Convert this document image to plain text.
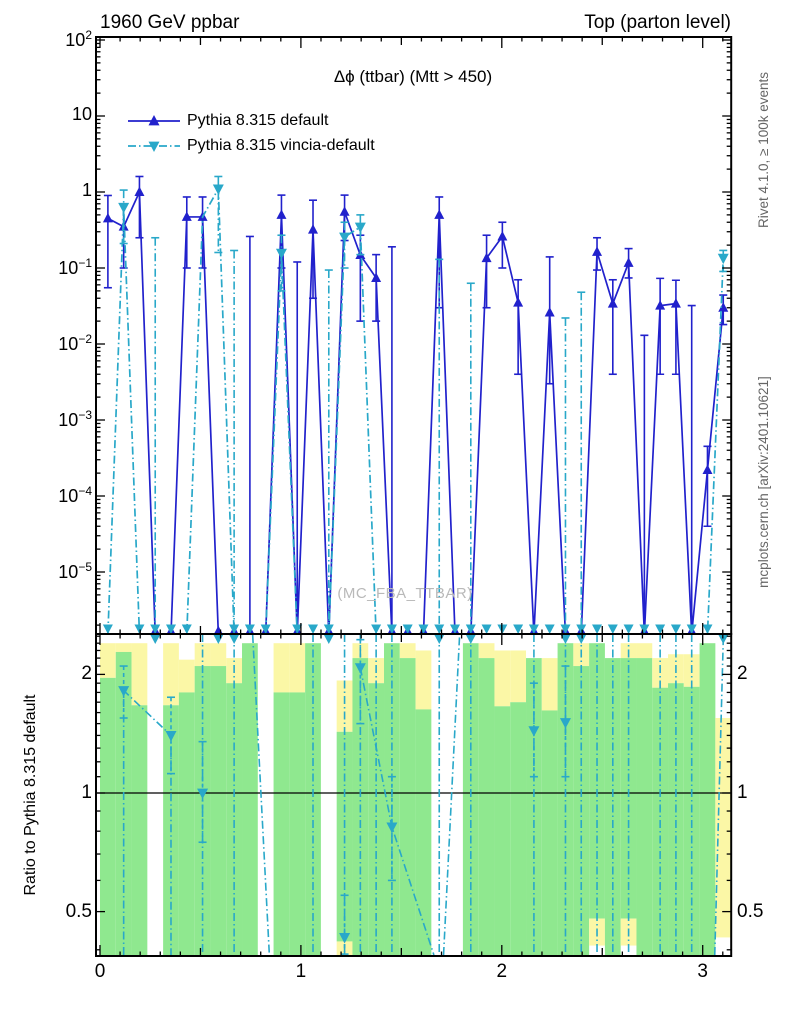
1960 GeV ppbar	Top (parton level)
Δϕ (ttbar) (Mtt > 450)
Pythia 8.315 default
Pythia 8.315 vincia-default
(MC_FBA_TTBAR)
Rivet 4.1.0, ≥ 100k events
mcplots.cern.ch [arXiv:2401.10621]
Ratio to Pythia 8.315 default
$10^2$
10
1
$10^{-1}$
$10^{-2}$
$10^{-3}$
$10^{-4}$
$10^{-5}$
2	2
1	1
0.5	0.5
0	1	2	3
